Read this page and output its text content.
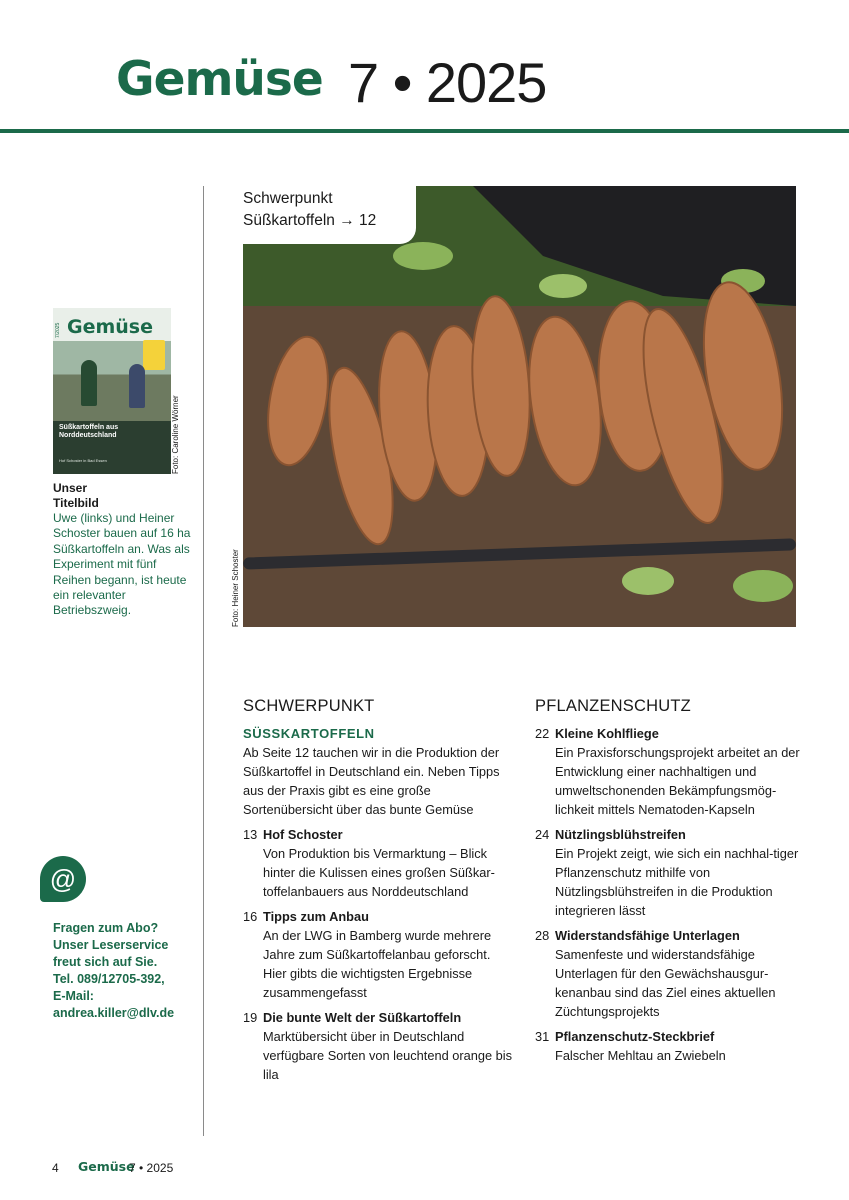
Gemüse 7 • 2025
Gemüse
7/2025
Süßkartoffeln aus Norddeutschland
Hof Schoster in Bad Essen	Foto: Caroline Wörner
Unser
Titelbild
Uwe (links) und Heiner Schoster bauen auf 16 ha Süßkartoffeln an. Was als Experiment mit fünf Reihen begann, ist heute ein relevanter Betriebszweig.
@
Fragen zum Abo?
Unser Leserservice
freut sich auf Sie.
Tel. 089/12705-392,
E-Mail:
andrea.killer@dlv.de
Schwerpunkt
Süßkartoffeln → 12
Foto: Heiner Schoster
SCHWERPUNKT
SÜSSKARTOFFELN
Ab Seite 12 tauchen wir in die Produktion der Süßkartoffel in Deutschland ein. Neben Tipps aus der Praxis gibt es eine große Sortenübersicht über das bunte Gemüse
13 Hof Schoster
Von Produktion bis Vermarktung – Blick hinter die Kulissen eines großen Süßkar-toffelanbauers aus Norddeutschland
16 Tipps zum Anbau
An der LWG in Bamberg wurde mehrere Jahre zum Süßkartoffelanbau geforscht. Hier gibts die wichtigsten Ergebnisse zusammengefasst
19 Die bunte Welt der Süßkartoffeln
Marktübersicht über in Deutschland verfügbare Sorten von leuchtend orange bis lila
PFLANZENSCHUTZ
22 Kleine Kohlfliege
Ein Praxisforschungsprojekt arbeitet an der Entwicklung einer nachhaltigen und umweltschonenden Bekämpfungsmög-lichkeit mittels Nematoden-Kapseln
24 Nützlingsblühstreifen
Ein Projekt zeigt, wie sich ein nachhal-tiger Pflanzenschutz mithilfe von Nützlingsblühstreifen in die Produktion integrieren lässt
28 Widerstandsfähige Unterlagen
Samenfeste und widerstandsfähige Unterlagen für den Gewächshausgur-kenanbau sind das Ziel eines aktuellen Züchtungsprojekts
31 Pflanzenschutz-Steckbrief
Falscher Mehltau an Zwiebeln
4 Gemüse
7 • 2025
